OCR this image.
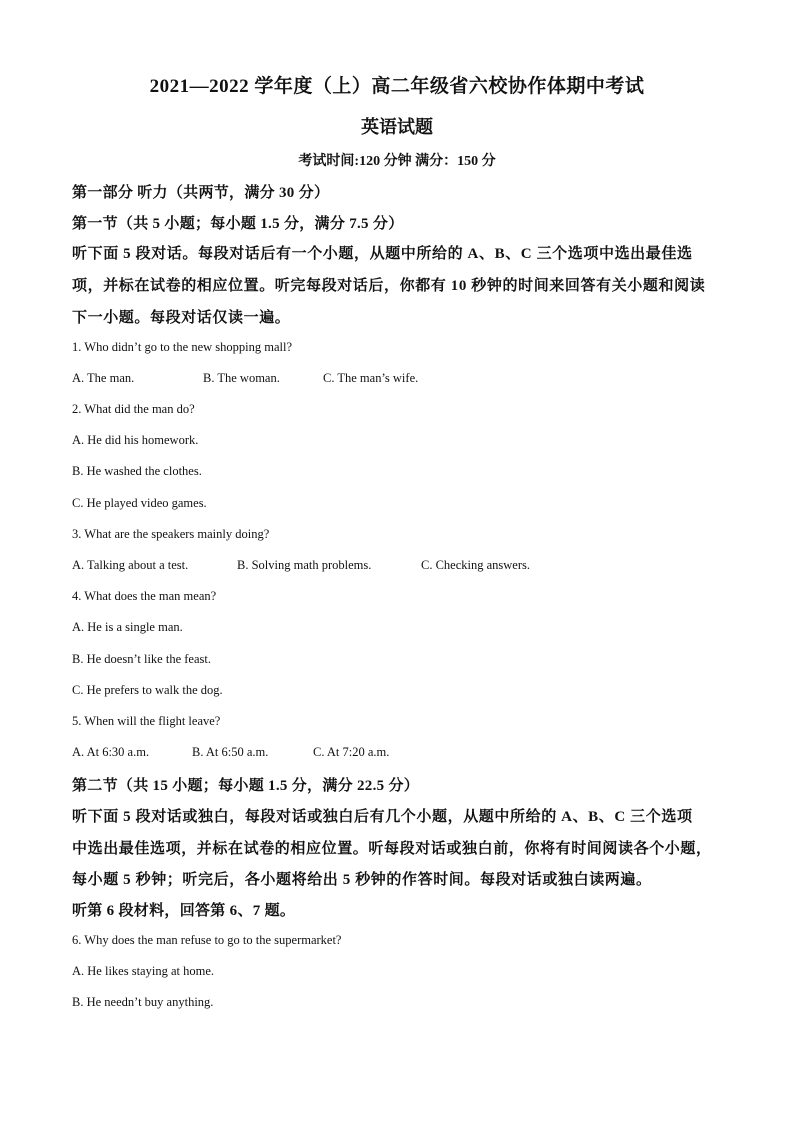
2021—2022 学年度（上）高二年级省六校协作体期中考试
英语试题
考试时间:120 分钟 满分：150 分
第一部分 听力（共两节，满分 30 分）
第一节（共 5 小题；每小题 1.5 分，满分 7.5 分）
听下面 5 段对话。每段对话后有一个小题，从题中所给的 A、B、C 三个选项中选出最佳选
项，并标在试卷的相应位置。听完每段对话后，你都有 10 秒钟的时间来回答有关小题和阅读
下一小题。每段对话仅读一遍。
1. Who didn’t go to the new shopping mall?
A. The man.	B. The woman.	C. The man’s wife.
2. What did the man do?
A. He did his homework.
B. He washed the clothes.
C. He played video games.
3. What are the speakers mainly doing?
A. Talking about a test.	B. Solving math problems.	C. Checking answers.
4. What does the man mean?
A. He is a single man.
B. He doesn’t like the feast.
C. He prefers to walk the dog.
5. When will the flight leave?
A. At 6:30 a.m.	B. At 6:50 a.m.	C. At 7:20 a.m.
第二节（共 15 小题；每小题 1.5 分，满分 22.5 分）
听下面 5 段对话或独白，每段对话或独白后有几个小题，从题中所给的 A、B、C 三个选项
中选出最佳选项，并标在试卷的相应位置。听每段对话或独白前，你将有时间阅读各个小题，
每小题 5 秒钟；听完后，各小题将给出 5 秒钟的作答时间。每段对话或独白读两遍。
听第 6 段材料，回答第 6、7 题。
6. Why does the man refuse to go to the supermarket?
A. He likes staying at home.
B. He needn’t buy anything.
